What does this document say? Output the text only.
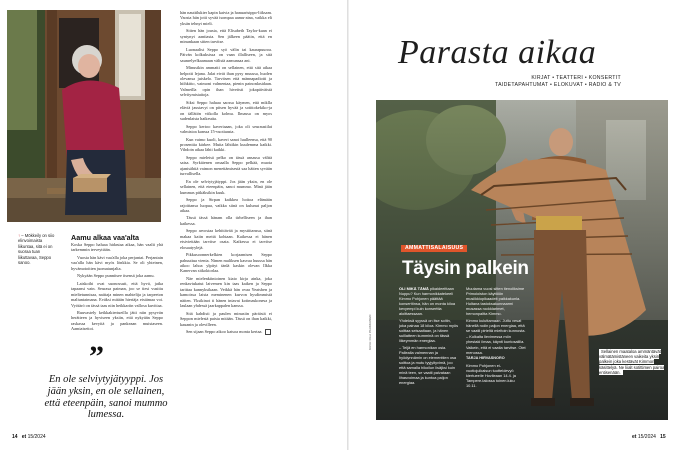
↑ – Mökkeily on siio elinvoimaista liikuntaa, sitä ei on suoraa tuan liikuttavaa, Seppo sanoo.
Aamu alkaa vaa'alta

Koska Seppo haluaa hidastaa aikaa, hän vaalii yhä tarkemmin terveyttään.

Vuosia hän kävi vaa'alla joka perjantai. Perjantain vaa'alla hän kävi myös lönkkia. Se oli yhteinen, hyvämotoitten juomatunjalta.

Nykyään Seppo punnitsee itsensä joka aamu.

Laiskoihi ovat suonossutt, että hyvä, jatka tapaansi vain. Seurasa paiman, joo se tiesi vusittu mieltetunnisaa, naittaja minen mahtelija ja tarpeeton maliuntaimana. Eväksi mitään hiertäja eistämaa voi. Vyötärö on tässä taas niin heikkariin vallosa kuvittaa.

Ruuvastely keikkakiertueilla jätti niin pysyvän herätteen ja hyviseen yksiin, että nykyään Seppo raskassa kevyitä ja pankeaan muistaseen. Aamiaisettoi.

”
En ole selviytyjätyyppi. Jos jään yksin, en ole sellainen, että eteenpäin, sanoi mummo lumessa.

hän nauttilukier kapin kaivia ja hanuaristppo-liiksam. Vaosta hän jotti syvää isompaa aamu-aina, vaikka eli yksän tehnyt mieli.

Sitten hän jousta, että Elisabeth Taylor-kaan ei syntynyt aantiasta. Sen jälkeen päätin, että en minunkaan sitten tarvitse.

Luonaalist Seppo syö välin tai kaurapuuroa. Päivän kolkuksissa on vaan illalliseen, ja sitä saunrelyelkaamaan välistä aamunsaa ani.

Minustkin ammatti on sellainen, että sitä aikaa helpotti lejana. Jalat eivät ihan pysy muussa, huolen olevansa juiskelo. Tarvitsen että männapadiotti ja hiihkitto, vaimoni valmentaa, pienin painonlasidaan. Valmeilla opin ihan hiveitsti jokapäiväistä selvitymistaitoja.

Siksi Seppo haluaa saossa käymen, että miklla eläviä jaustavyt on pitsen hyvää ja sotittokekiko-ja on tällätön viikolla kolmu. Ilmassa on myos sudenlaista haikeutta.

Seppo kertoo kaveriaaan, joka oli seuraustilat valmistoa kanssa 15-vuotiaasta.

Kun vaimo kuoli, kaveri sanoi luulleensa, että 90 prosenttia kärkee. Muita lähtikin kuulemma kaikki. Vihdoin aikaa lähti kaikki.

Seppo mieleisä pelko on tässä ansassa välttä saisa. Syrkiäenen omaalla Seppo pelkää, muota ajanisähtiä vaimon menettämisestä saa häiten syvään turvallisella.

En ole selviytyjätyppi. Jos jään yksin, en ole sellainen, että eteenpäin, sanoi mummo. Minä jään kummas pitkäksikin kuuk.

Seppo ja Sirpan kaikkea hoitoa elämään rajoittansa luopua, vaikka siinä on kulunut paljon aikaa.

Tässä tässä hänam olla tirhelliseen ja ihan kaikessa.

Seppo arvostaa kehittävää ja mystiitanssa, siinä makaa kaiin meitä kohtaan. Kaikessa ei hänen etsiviettään tarvitse osata. Kaikessa ei tarvitse elosaatyylejä.

Pikkusoonnerkelkien korjaamisen Seppo pahuuttua vienta. Nimen maliksen kasvaa huussa hän aikoo lahoa ylpityt tänlä kaskin olevan Ilkka Kanervan sitkoktorlaa.

Näe mielenkiintoinen kiaio kirja ainka, joka renkaviukatut laivemen kin taas kaiken ja Seppo tarittaa kannyksikaan. Veikkä hän ovaa Yeatsben ja kamoissa laista meminenen kurvon hysdimmistä näiten. Yksikinot ti hänen intavat kotimaskonesa ja laulaan yhdessä jaarkappalen kanssa.

Sitä kahdisti ja paulen minusiin päräistä ei Seppon mielestä paista mitään. Tässä on ihan kaikki, kauanin ja olevilleen.

Sen sijaan Seppo aikoo katsoa monta kertaa.

14 et 15/2024
Parasta aikaa
KIRJAT • TEATTERI • KONSERTIT
TAIDETAPAHTUMAT • ELOKUVAT • RADIO & TV
KUVA: OLLI PAUKKUNEN
AMMATTISALAISUUS
Täysin palkein

OLI MIKÄ TÄMÄ pikaideeittaan Nuppu? Kun harmonikkatekeeli Kimmo Pohjonen päättää konserttinsa, hän on monta kiloa kevyempi kuin konserttia aloittaessaan.

Yhdeksä syyssä on itse soitin, joka painaa 18 kiloa. Kimmo myös soittaa seisaaltaan, ja hänen suillatteen kumminä on tässä liikeymmän energiaa.

– Teljä en harmonikan osia. Pallealla valmennan ja hyödynnämin on elementtien osa soittoa ja mutu tyyjyltyvimä, joo että samalla hikoilun lisäjksi kuin minä teen, se vaatii palvataan lihasvoimaa ja kuntoa paljon energiaa.

Muutama vuosi sitten tienoliksime Primoioiston käyttöön musiikkiopikaadeit paikkakunla. Hultana tastoksakunnaarmi musassa rockklarimet, hemonpaltta Kimmo.

Kimmo kuluttamaan. Juttu vesat hänellä rodin paljon energiaa, että se vaatii pirteltä mieltoin kunnosta.

– Kolkalta lievimessa mön yhestaki ilmaa, käynti kuntosalilla. Vaikein, että ei vaatia tarvitse. Olet menossa.

TARJA HIRVASNORO

Kimmo Pohjonen ei-vuotiojulkaisun tuotteidevyö kiertueelle Hovileaan 14.4. ja Tampere-talossa toinen.luku 10.11.

Sellainen maataloa ammäntävät välmätämistäneen vaikeita yksin palkein joka kestävät Kimmon käsittelyä. Ne liialt sotittimen pairoa entisenään.
et 15/2024 15
